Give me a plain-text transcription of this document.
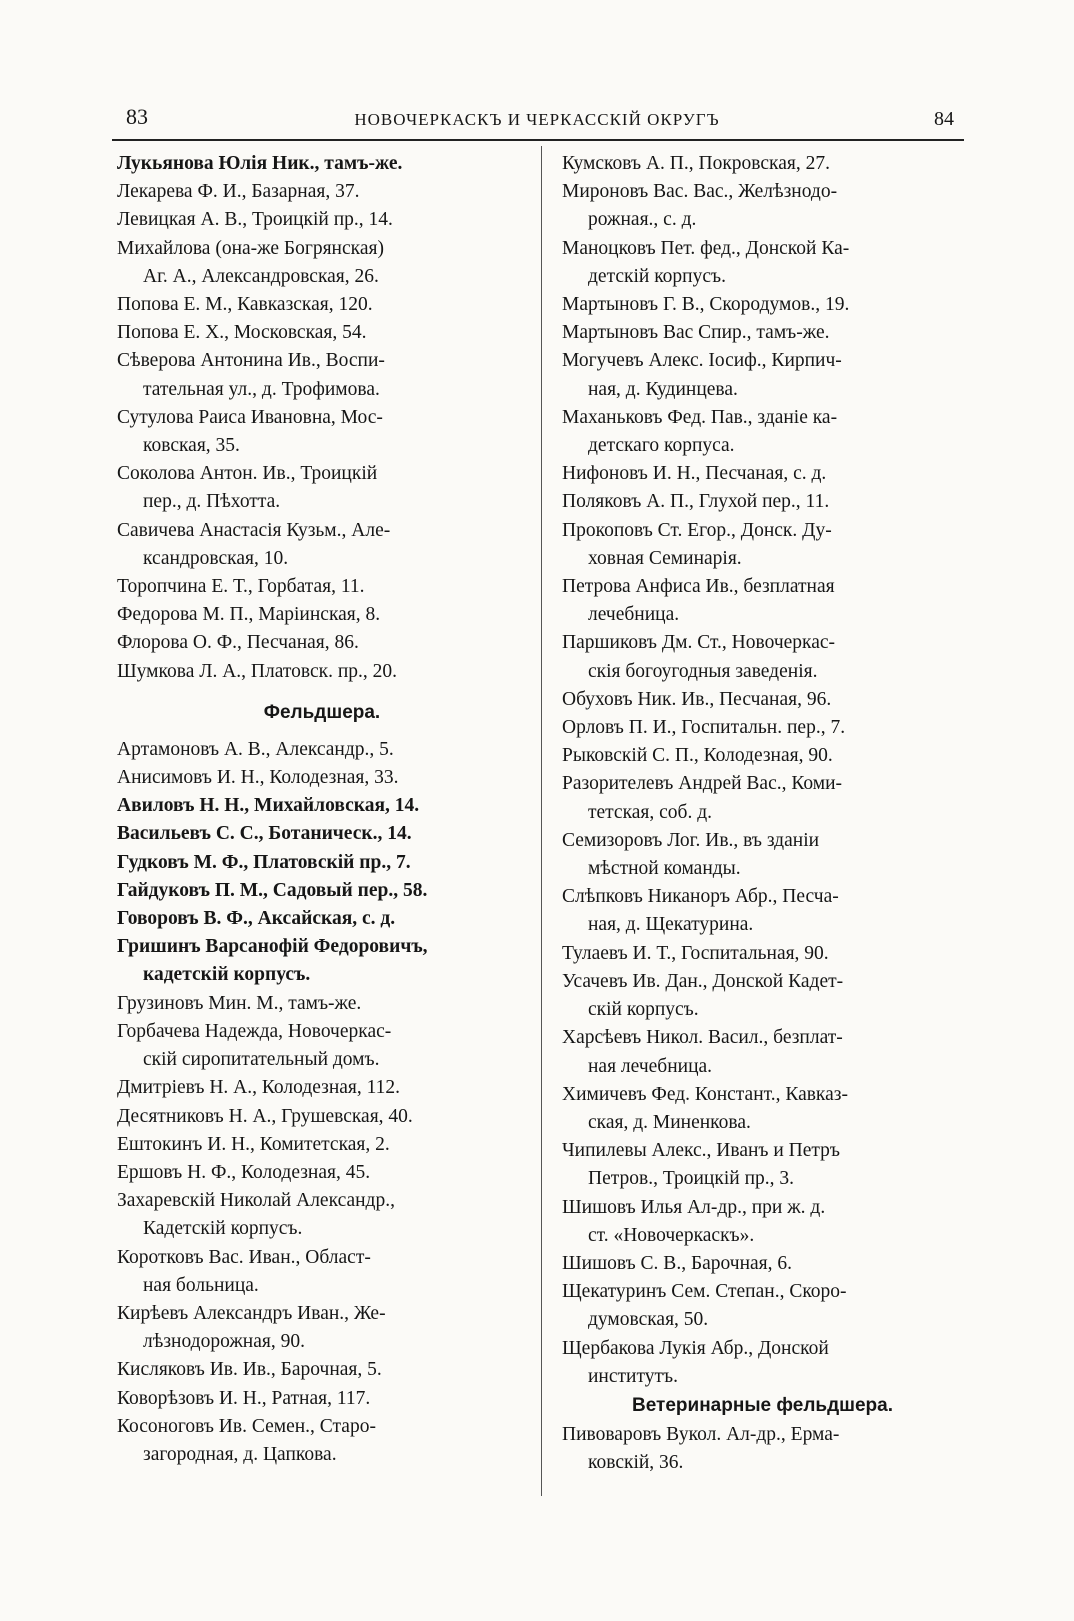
83	НОВОЧЕРКАСКЪ И ЧЕРКАССКІЙ ОКРУГЪ	84
Лукьянова Юлія Ник., тамъ-же.
Лекарева Ф. И., Базарная, 37.
Левицкая А. В., Троицкій пр., 14.
Михайлова (она-же Богрянская)
Аг. А., Александровская, 26.
Попова Е. М., Кавказская, 120.
Попова Е. Х., Московская, 54.
Сѣверова Антонина Ив., Воспи-
тательная ул., д. Трофимова.
Сутулова Раиса Ивановна, Мос-
ковская, 35.
Соколова Антон. Ив., Троицкій
пер., д. Пѣхотта.
Савичева Анастасія Кузьм., Але-
ксандровская, 10.
Торопчина Е. Т., Горбатая, 11.
Федорова М. П., Маріинская, 8.
Флорова О. Ф., Песчаная, 86.
Шумкова Л. А., Платовск. пр., 20.
Фельдшера.
Артамоновъ А. В., Александр., 5.
Анисимовъ И. Н., Колодезная, 33.
Авиловъ Н. Н., Михайловская, 14.
Васильевъ С. С., Ботаническ., 14.
Гудковъ М. Ф., Платовскій пр., 7.
Гайдуковъ П. М., Садовый пер., 58.
Говоровъ В. Ф., Аксайская, с. д.
Гришинъ Варсанофій Федоровичъ,
кадетскій корпусъ.
Грузиновъ Мин. М., тамъ-же.
Горбачева Надежда, Новочеркас-
скій сиропитательный домъ.
Дмитріевъ Н. А., Колодезная, 112.
Десятниковъ Н. А., Грушевская, 40.
Ештокинъ И. Н., Комитетская, 2.
Ершовъ Н. Ф., Колодезная, 45.
Захаревскій Николай Александр.,
Кадетскій корпусъ.
Коротковъ Вас. Иван., Област-
ная больница.
Кирѣевъ Александръ Иван., Же-
лѣзнодорожная, 90.
Кисляковъ Ив. Ив., Барочная, 5.
Коворѣзовъ И. Н., Ратная, 117.
Косоноговъ Ив. Семен., Старо-
загородная, д. Цапкова.
Кумсковъ А. П., Покровская, 27.
Мироновъ Вас. Вас., Желѣзнодо-
рожная., с. д.
Маноцковъ Пет. фед., Донской Ка-
детскій корпусъ.
Мартыновъ Г. В., Скородумов., 19.
Мартыновъ Вас Спир., тамъ-же.
Могучевъ Алекс. Іосиф., Кирпич-
ная, д. Кудинцева.
Маханьковъ Фед. Пав., зданіе ка-
детскаго корпуса.
Нифоновъ И. Н., Песчаная, с. д.
Поляковъ А. П., Глухой пер., 11.
Прокоповъ Ст. Егор., Донск. Ду-
ховная Семинарія.
Петрова Анфиса Ив., безплатная
лечебница.
Паршиковъ Дм. Ст., Новочеркас-
скія богоугодныя заведенія.
Обуховъ Ник. Ив., Песчаная, 96.
Орловъ П. И., Госпитальн. пер., 7.
Рыковскій С. П., Колодезная, 90.
Разорителевъ Андрей Вас., Коми-
тетская, соб. д.
Семизоровъ Лог. Ив., въ зданіи
мѣстной команды.
Слѣпковъ Никаноръ Абр., Песча-
ная, д. Щекатурина.
Тулаевъ И. Т., Госпитальная, 90.
Усачевъ Ив. Дан., Донской Кадет-
скій корпусъ.
Харсѣевъ Никол. Васил., безплат-
ная лечебница.
Химичевъ Фед. Констант., Кавказ-
ская, д. Миненкова.
Чипилевы Алекс., Иванъ и Петръ
Петров., Троицкій пр., 3.
Шишовъ Илья Ал-др., при ж. д.
ст. «Новочеркаскъ».
Шишовъ С. В., Барочная, 6.
Щекатуринъ Сем. Степан., Скоро-
думовская, 50.
Щербакова Лукія Абр., Донской
институтъ.
Ветеринарные фельдшера.
Пивоваровъ Вукол. Ал-др., Ерма-
ковскій, 36.
